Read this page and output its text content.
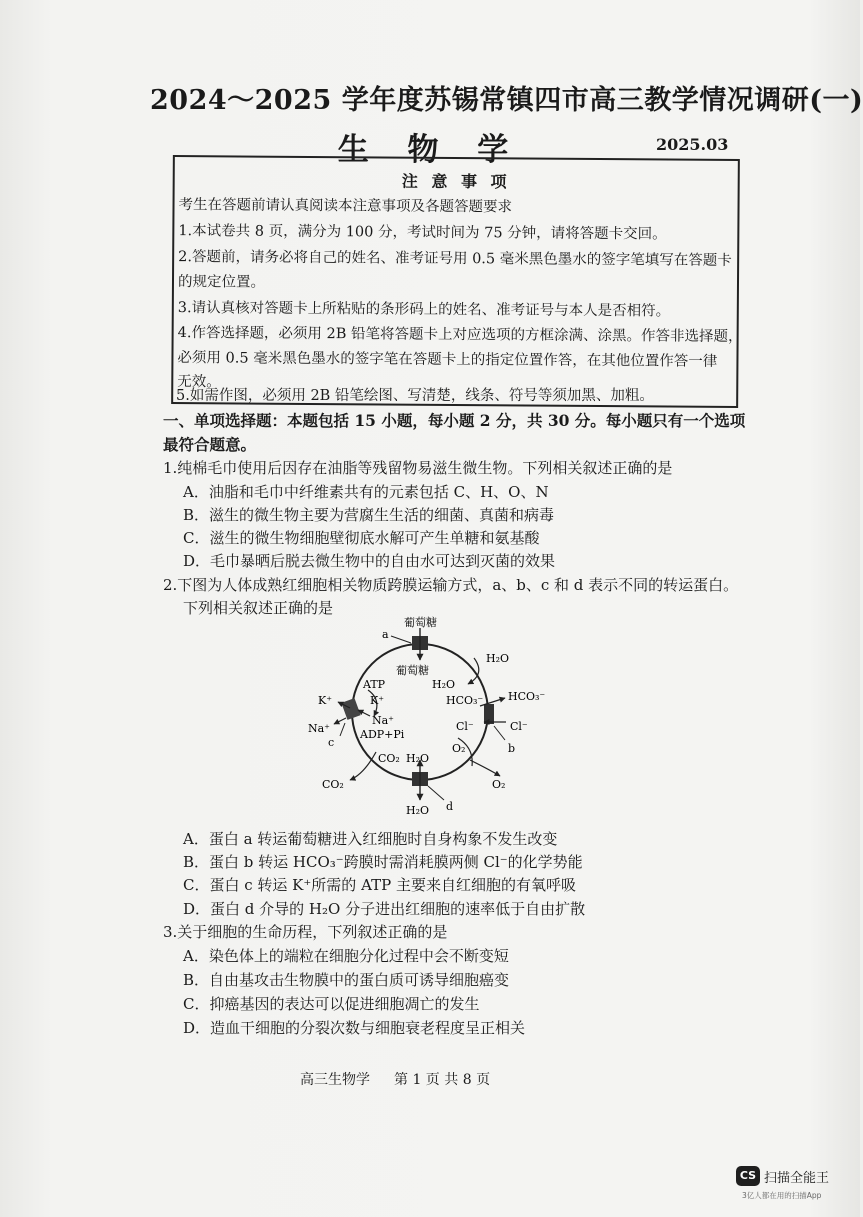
2024～2025 学年度苏锡常镇四市高三教学情况调研(一)
生 物 学	2025.03
注 意 事 项
考生在答题前请认真阅读本注意事项及各题答题要求
1.本试卷共 8 页，满分为 100 分，考试时间为 75 分钟，请将答题卡交回。
2.答题前，请务必将自己的姓名、准考证号用 0.5 毫米黑色墨水的签字笔填写在答题卡
的规定位置。
3.请认真核对答题卡上所粘贴的条形码上的姓名、准考证号与本人是否相符。
4.作答选择题，必须用 2B 铅笔将答题卡上对应选项的方框涂满、涂黑。作答非选择题，
必须用 0.5 毫米黑色墨水的签字笔在答题卡上的指定位置作答，在其他位置作答一律
无效。
5.如需作图，必须用 2B 铅笔绘图、写清楚，线条、符号等须加黑、加粗。
一、单项选择题：本题包括 15 小题，每小题 2 分，共 30 分。每小题只有一个选项
最符合题意。
1.纯棉毛巾使用后因存在油脂等残留物易滋生微生物。下列相关叙述正确的是
A．油脂和毛巾中纤维素共有的元素包括 C、H、O、N
B．滋生的微生物主要为营腐生生活的细菌、真菌和病毒
C．滋生的微生物细胞壁彻底水解可产生单糖和氨基酸
D．毛巾暴晒后脱去微生物中的自由水可达到灭菌的效果
2.下图为人体成熟红细胞相关物质跨膜运输方式，a、b、c 和 d 表示不同的转运蛋白。
下列相关叙述正确的是
葡萄糖
葡萄糖
H₂O
H₂O
ATP
K⁺	K⁺
Na⁺
Na⁺	ADP+Pi
HCO₃⁻ HCO₃⁻
Cl⁻	Cl⁻
O₂
O₂
CO₂
CO₂
H₂O
H₂O
a
b
c
d
A．蛋白 a 转运葡萄糖进入红细胞时自身构象不发生改变
B．蛋白 b 转运 HCO₃⁻跨膜时需消耗膜两侧 Cl⁻的化学势能
C．蛋白 c 转运 K⁺所需的 ATP 主要来自红细胞的有氧呼吸
D．蛋白 d 介导的 H₂O 分子进出红细胞的速率低于自由扩散
3.关于细胞的生命历程，下列叙述正确的是
A．染色体上的端粒在细胞分化过程中会不断变短
B．自由基攻击生物膜中的蛋白质可诱导细胞癌变
C．抑癌基因的表达可以促进细胞凋亡的发生
D．造血干细胞的分裂次数与细胞衰老程度呈正相关
高三生物学 第 1 页 共 8 页
CS 扫描全能王
3亿人都在用的扫描App
